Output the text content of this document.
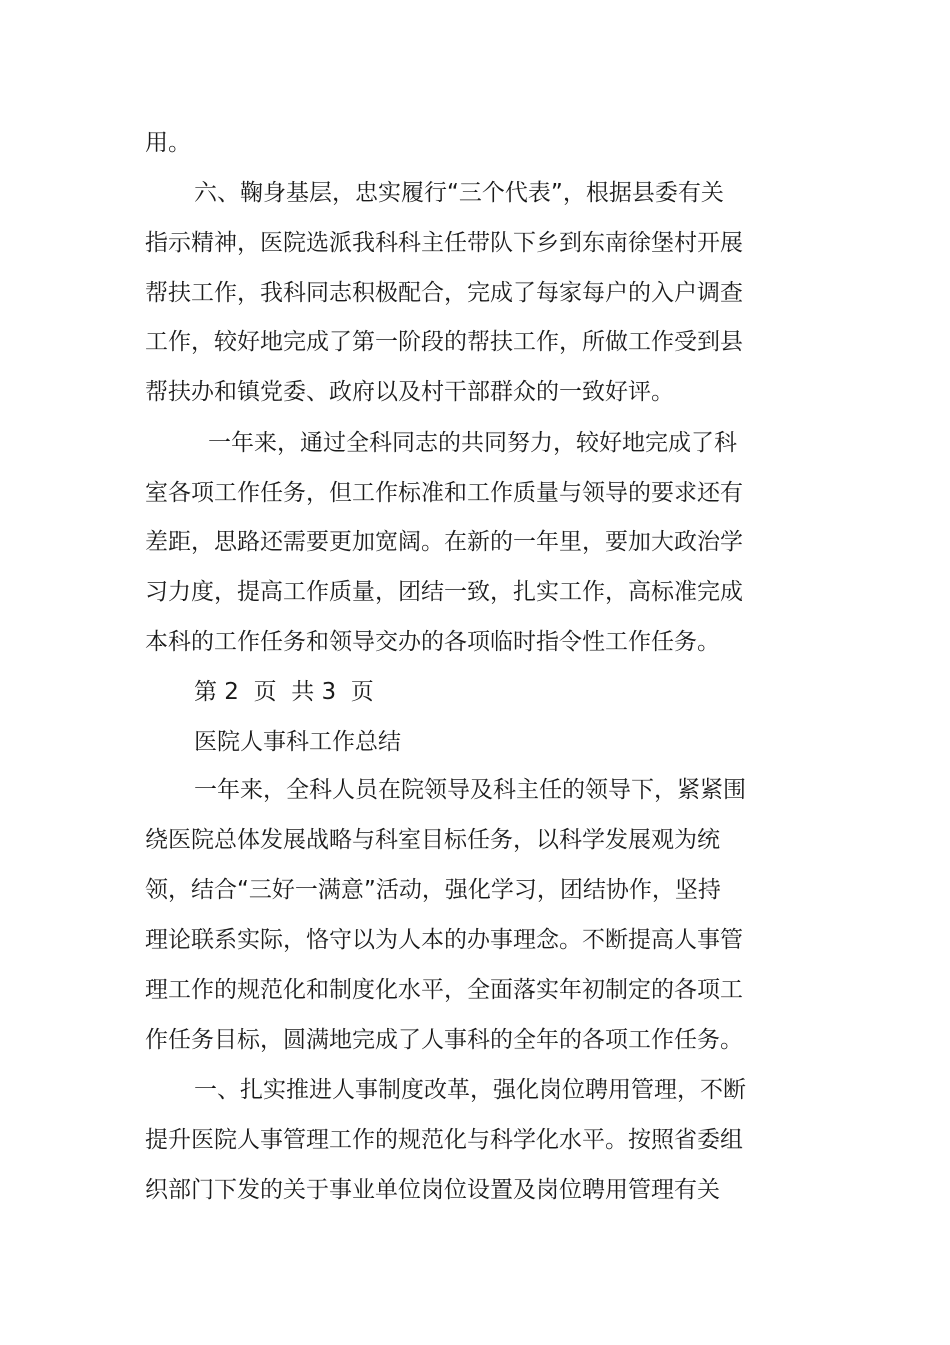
用。
六、鞠身基层，忠实履行“三个代表”，根据县委有关
指示精神，医院选派我科科主任带队下乡到东南徐堡村开展
帮扶工作，我科同志积极配合，完成了每家每户的入户调查
工作，较好地完成了第一阶段的帮扶工作，所做工作受到县
帮扶办和镇党委、政府以及村干部群众的一致好评。
一年来，通过全科同志的共同努力，较好地完成了科
室各项工作任务，但工作标准和工作质量与领导的要求还有
差距，思路还需要更加宽阔。在新的一年里，要加大政治学
习力度，提高工作质量，团结一致，扎实工作，高标准完成
本科的工作任务和领导交办的各项临时指令性工作任务。
第 2  页  共 3  页
医院人事科工作总结
一年来，全科人员在院领导及科主任的领导下，紧紧围
绕医院总体发展战略与科室目标任务，以科学发展观为统
领，结合“三好一满意”活动，强化学习，团结协作，坚持
理论联系实际，恪守以为人本的办事理念。不断提高人事管
理工作的规范化和制度化水平，全面落实年初制定的各项工
作任务目标，圆满地完成了人事科的全年的各项工作任务。
一、扎实推进人事制度改革，强化岗位聘用管理，不断
提升医院人事管理工作的规范化与科学化水平。按照省委组
织部门下发的关于事业单位岗位设置及岗位聘用管理有关
